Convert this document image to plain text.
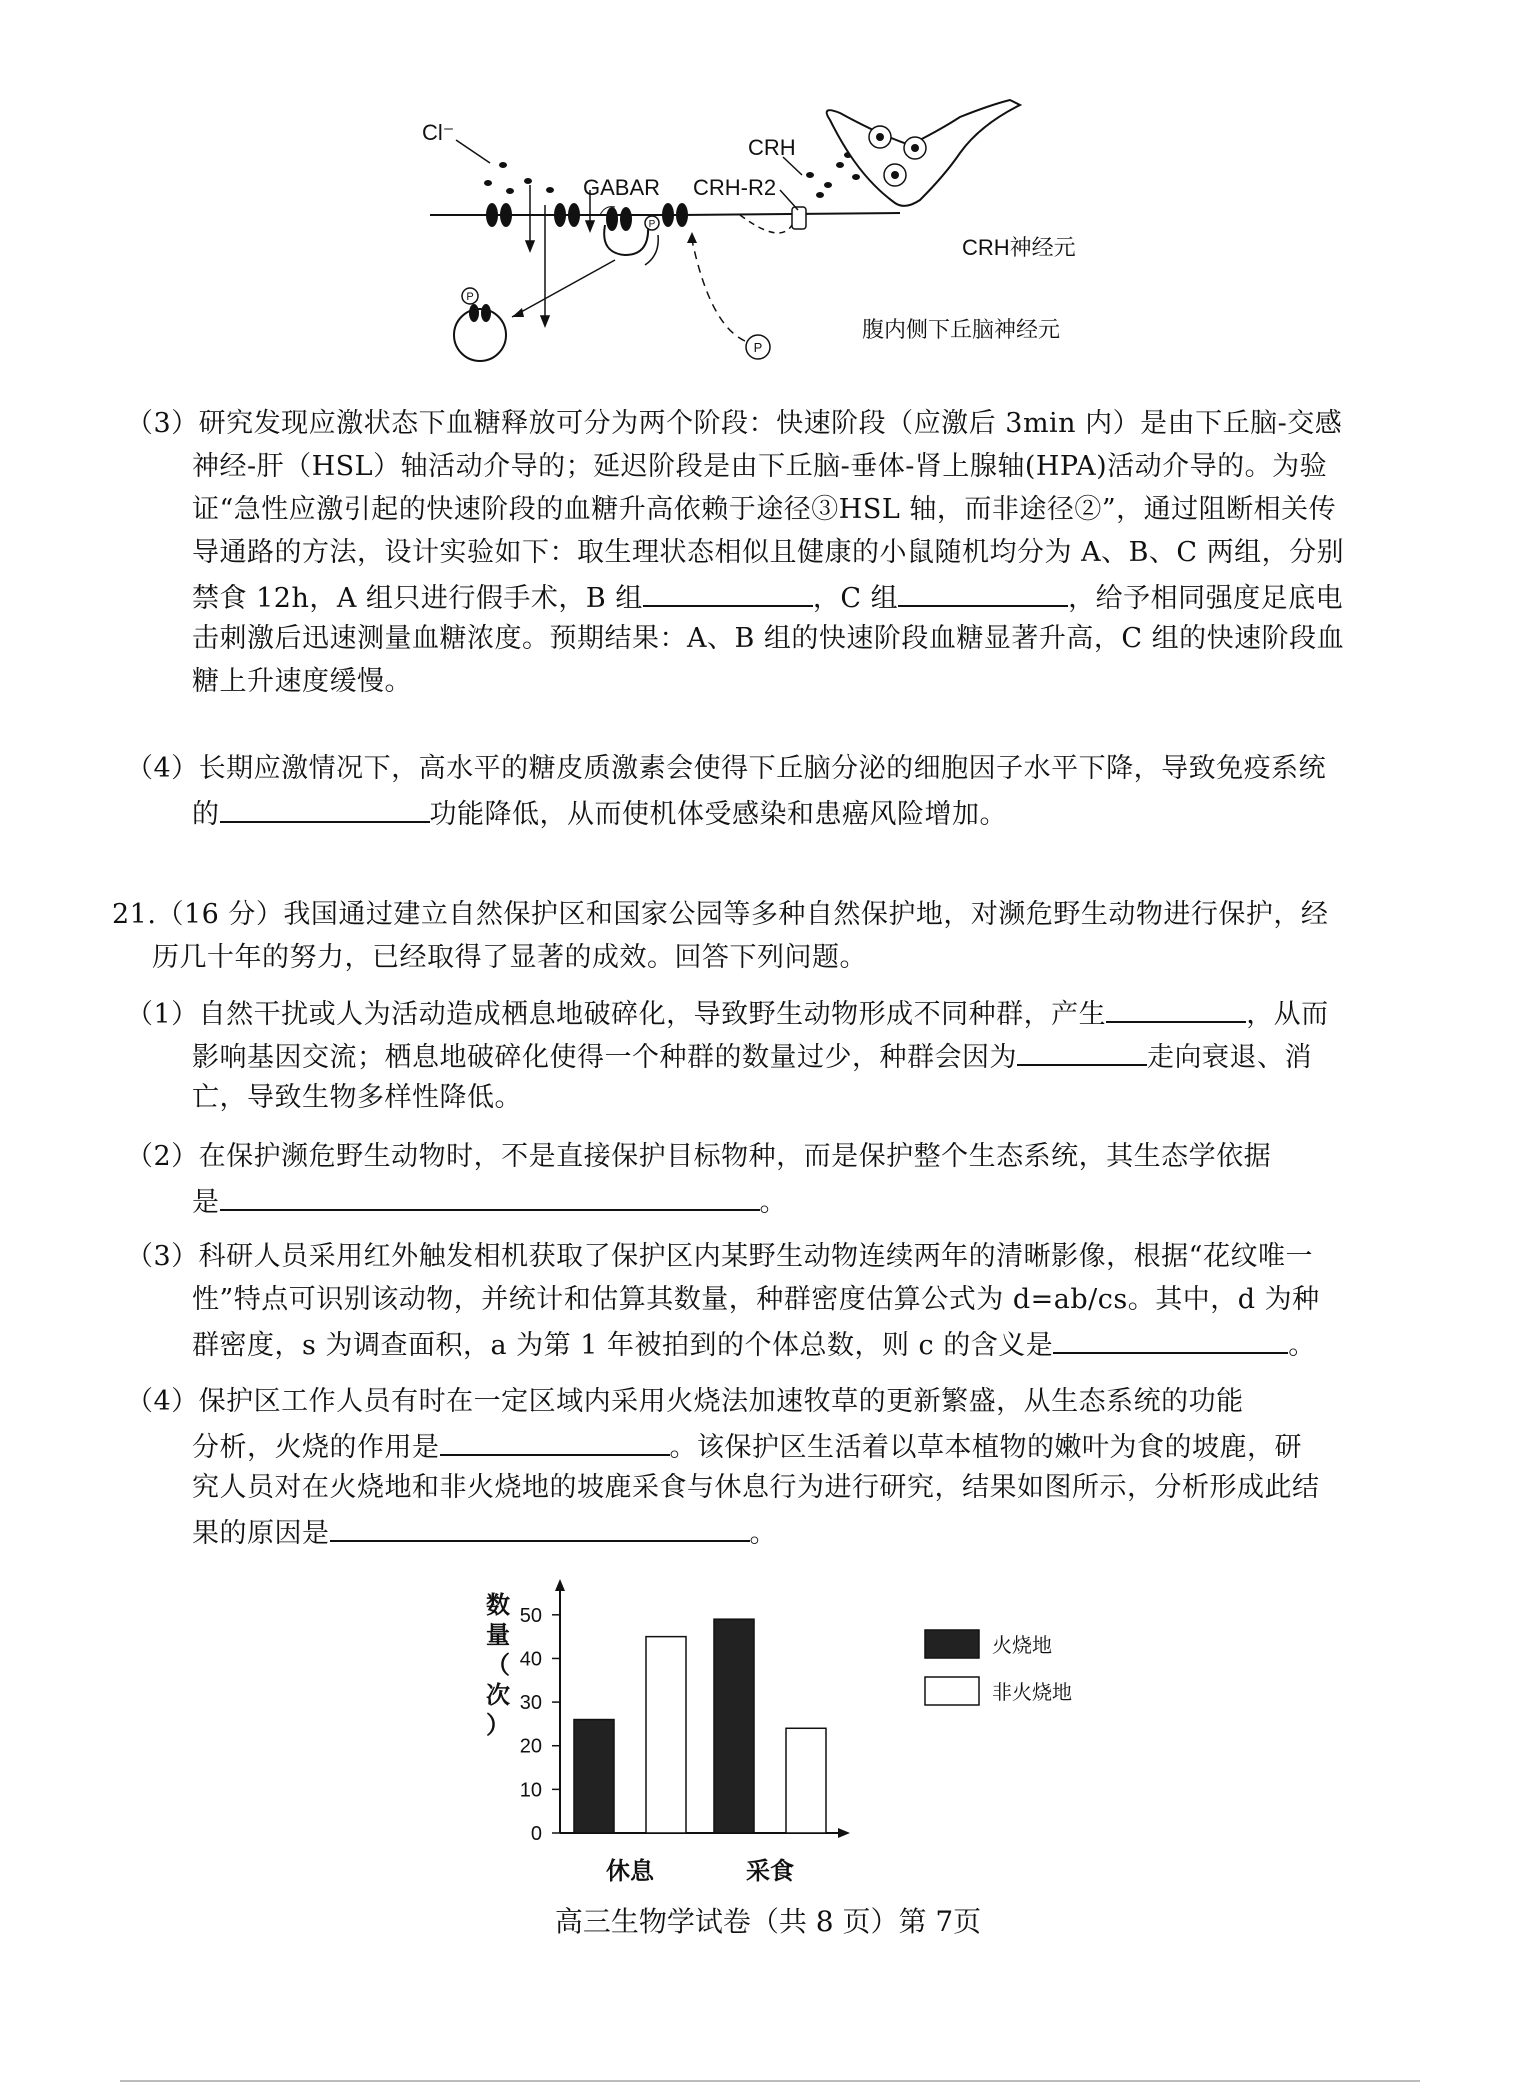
P
P
P
Cl⁻
GABAR
CRH
CRH-R2
CRH神经元
腹内侧下丘脑神经元
（3）研究发现应激状态下血糖释放可分为两个阶段：快速阶段（应激后 3min 内）是由下丘脑-交感
神经-肝（HSL）轴活动介导的；延迟阶段是由下丘脑-垂体-肾上腺轴(HPA)活动介导的。为验
证“急性应激引起的快速阶段的血糖升高依赖于途径③HSL 轴，而非途径②”，通过阻断相关传
导通路的方法，设计实验如下：取生理状态相似且健康的小鼠随机均分为 A、B、C 两组，分别
禁食 12h，A 组只进行假手术，B 组	，C 组	，给予相同强度足底电
击刺激后迅速测量血糖浓度。预期结果：A、B 组的快速阶段血糖显著升高，C 组的快速阶段血
糖上升速度缓慢。
（4）长期应激情况下，高水平的糖皮质激素会使得下丘脑分泌的细胞因子水平下降，导致免疫系统
的	功能降低，从而使机体受感染和患癌风险增加。
21.（16 分）我国通过建立自然保护区和国家公园等多种自然保护地，对濒危野生动物进行保护，经
历几十年的努力，已经取得了显著的成效。回答下列问题。
（1）自然干扰或人为活动造成栖息地破碎化，导致野生动物形成不同种群，产生	，从而
影响基因交流；栖息地破碎化使得一个种群的数量过少，种群会因为	走向衰退、消
亡，导致生物多样性降低。
（2）在保护濒危野生动物时，不是直接保护目标物种，而是保护整个生态系统，其生态学依据
是	。
（3）科研人员采用红外触发相机获取了保护区内某野生动物连续两年的清晰影像，根据“花纹唯一
性”特点可识别该动物，并统计和估算其数量，种群密度估算公式为 d=ab/cs。其中，d 为种
群密度，s 为调查面积，a 为第 1 年被拍到的个体总数，则 c 的含义是	。
（4）保护区工作人员有时在一定区域内采用火烧法加速牧草的更新繁盛，从生态系统的功能
分析，火烧的作用是	。该保护区生活着以草本植物的嫩叶为食的坡鹿，研
究人员对在火烧地和非火烧地的坡鹿采食与休息行为进行研究，结果如图所示，分析形成此结
果的原因是	。
数
量
（
次
）
0
10
20
30
40
50
休息	采食
火烧地
非火烧地
高三生物学试卷（共 8 页）第 7页
